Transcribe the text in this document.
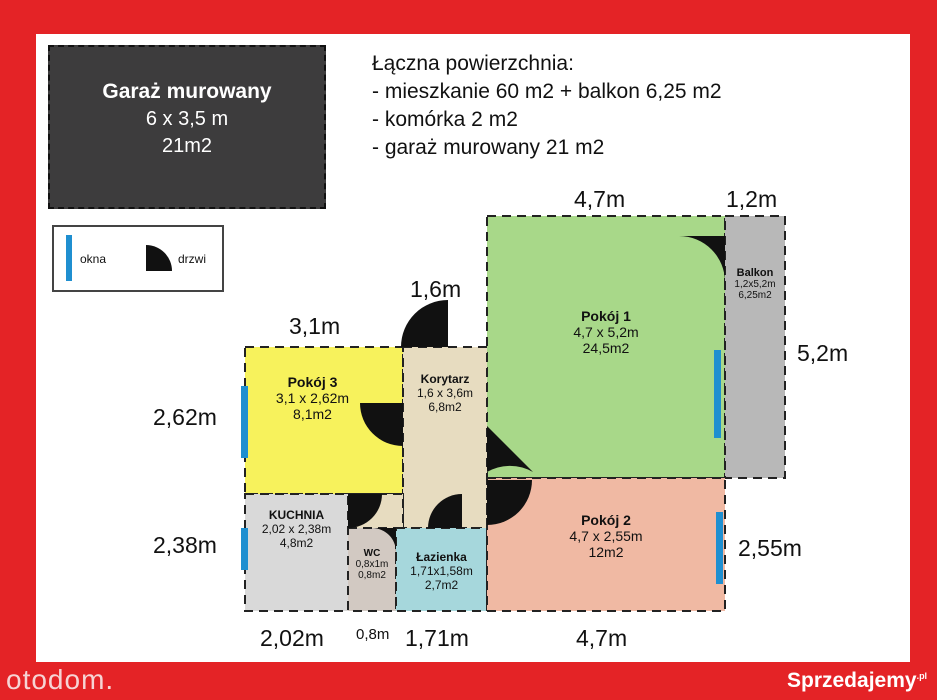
Garaż murowany
6 x 3,5 m
21m2
Łączna powierzchnia:
- mieszkanie 60 m2 + balkon 6,25 m2
- komórka 2 m2
- garaż murowany 21 m2
okna	drzwi
Pokój 1
4,7 x 5,2m
24,5m2
Balkon
1,2x5,2m
6,25m2
Pokój 3
3,1 x 2,62m
8,1m2
Korytarz
1,6 x 3,6m
6,8m2
KUCHNIA
2,02 x 2,38m
4,8m2
WC
0,8x1m
0,8m2
Łazienka
1,71x1,58m
2,7m2
Pokój 2
4,7 x 2,55m
12m2
4,7m	1,2m
1,6m
3,1m
5,2m
2,62m
2,38m	2,55m
2,02m 0,8m 1,71m	4,7m
otodom.	Sprzedajemy$^{.pl}$
